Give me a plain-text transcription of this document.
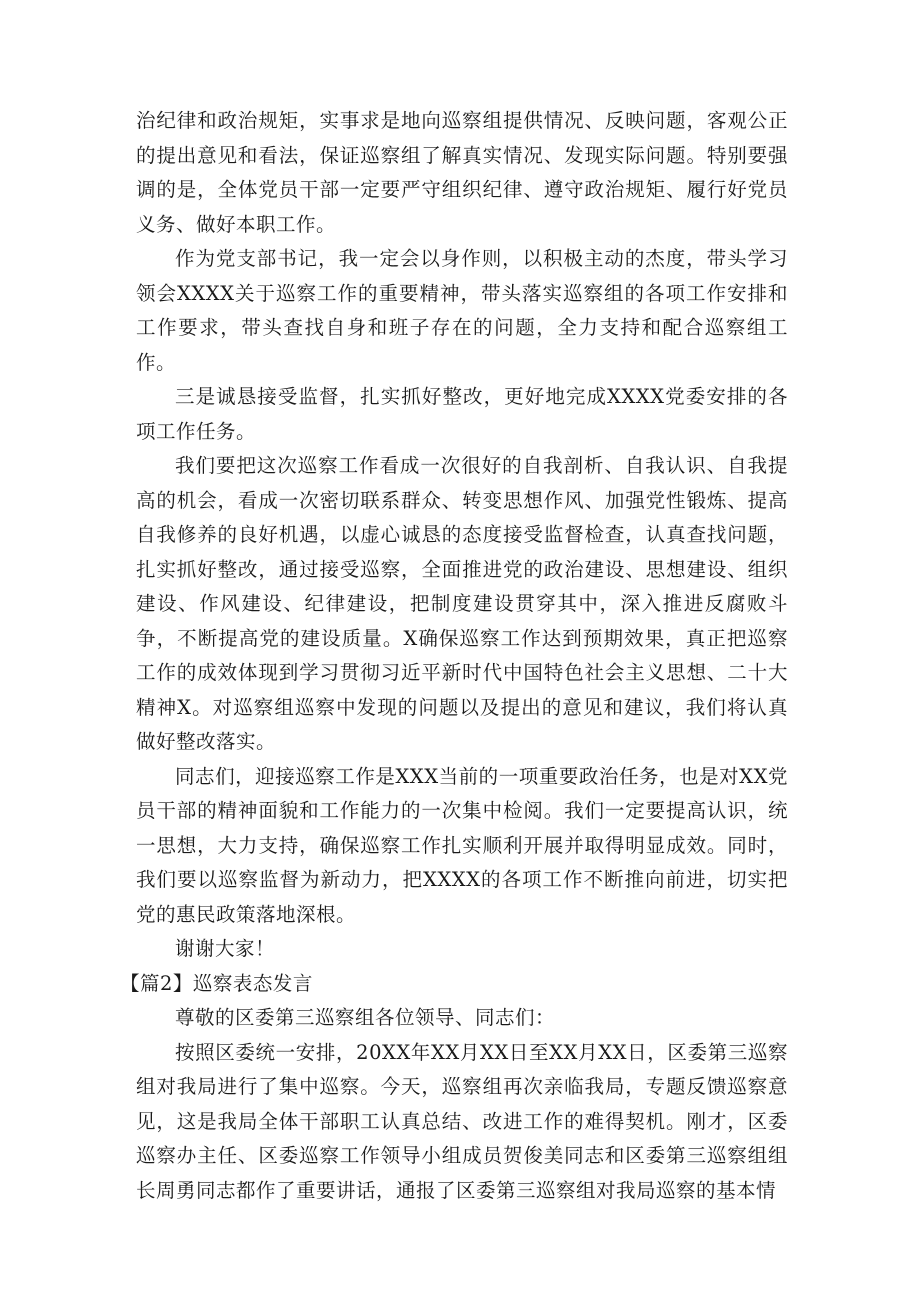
治纪律和政治规矩，实事求是地向巡察组提供情况、反映问题，客观公正的提出意见和看法，保证巡察组了解真实情况、发现实际问题。特别要强调的是，全体党员干部一定要严守组织纪律、遵守政治规矩、履行好党员义务、做好本职工作。

作为党支部书记，我一定会以身作则，以积极主动的杰度，带头学习领会XXXX关于巡察工作的重要精神，带头落实巡察组的各项工作安排和工作要求，带头查找自身和班子存在的问题，全力支持和配合巡察组工作。

三是诚恳接受监督，扎实抓好整改，更好地完成XXXX党委安排的各项工作任务。

我们要把这次巡察工作看成一次很好的自我剖析、自我认识、自我提高的机会，看成一次密切联系群众、转变思想作风、加强党性锻炼、提高自我修养的良好机遇，以虚心诚恳的态度接受监督检查，认真查找问题，扎实抓好整改，通过接受巡察，全面推进党的政治建设、思想建设、组织建设、作风建设、纪律建设，把制度建设贯穿其中，深入推进反腐败斗争，不断提高党的建设质量。X确保巡察工作达到预期效果，真正把巡察工作的成效体现到学习贯彻习近平新时代中国特色社会主义思想、二十大精神X。对巡察组巡察中发现的问题以及提出的意见和建议，我们将认真做好整改落实。

同志们，迎接巡察工作是XXX当前的一项重要政治任务，也是对XX党员干部的精神面貌和工作能力的一次集中检阅。我们一定要提高认识，统一思想，大力支持，确保巡察工作扎实顺利开展并取得明显成效。同时，我们要以巡察监督为新动力，把XXXX的各项工作不断推向前进，切实把党的惠民政策落地深根。

谢谢大家！

【篇2】巡察表态发言

尊敬的区委第三巡察组各位领导、同志们：

按照区委统一安排，20XX年XX月XX日至XX月XX日，区委第三巡察组对我局进行了集中巡察。今天，巡察组再次亲临我局，专题反馈巡察意见，这是我局全体干部职工认真总结、改进工作的难得契机。刚才，区委巡察办主任、区委巡察工作领导小组成员贺俊美同志和区委第三巡察组组长周勇同志都作了重要讲话，通报了区委第三巡察组对我局巡察的基本情
